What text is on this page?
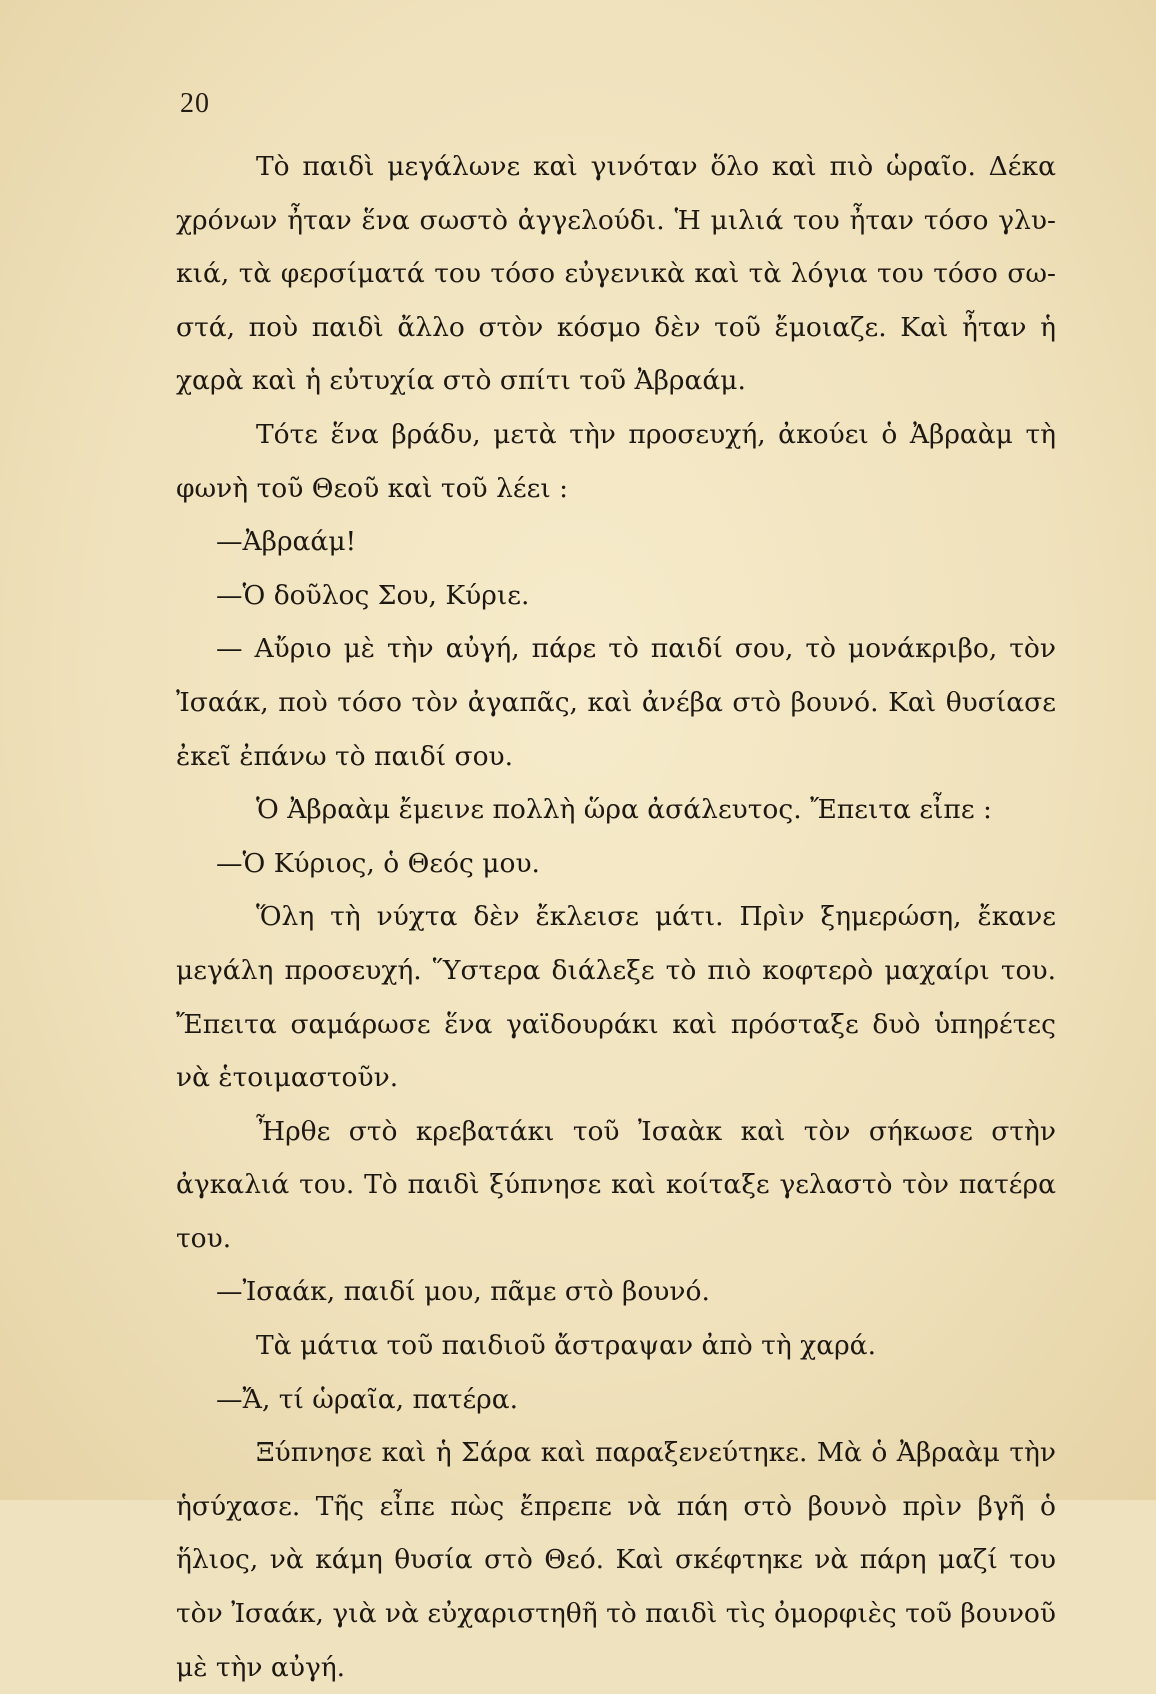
20

Τὸ παιδὶ μεγάλωνε καὶ γινόταν ὅλο καὶ πιὸ ὡραῖο. Δέκα χρόνων ἦταν ἕνα σωστὸ ἀγγελούδι. Ἡ μιλιά του ἦταν τόσο γλυκιά, τὰ φερσίματά του τόσο εὐγενικὰ καὶ τὰ λόγια του τόσο σωστά, ποὺ παιδὶ ἄλλο στὸν κόσμο δὲν τοῦ ἔμοιαζε. Καὶ ἦταν ἡ χαρὰ καὶ ἡ εὐτυχία στὸ σπίτι τοῦ Ἀβραάμ.

Τότε ἕνα βράδυ, μετὰ τὴν προσευχή, ἀκούει ὁ Ἀβραὰμ τὴ φωνὴ τοῦ Θεοῦ καὶ τοῦ λέει :

—Ἀβραάμ!

—Ὁ δοῦλος Σου, Κύριε.

— Αὔριο μὲ τὴν αὐγή, πάρε τὸ παιδί σου, τὸ μονάκριβο, τὸν Ἰσαάκ, ποὺ τόσο τὸν ἀγαπᾶς, καὶ ἀνέβα στὸ βουνό. Καὶ θυσίασε ἐκεῖ ἐπάνω τὸ παιδί σου.

Ὁ Ἀβραὰμ ἔμεινε πολλὴ ὥρα ἀσάλευτος. Ἔπειτα εἶπε :

—Ὁ Κύριος, ὁ Θεός μου.

Ὅλη τὴ νύχτα δὲν ἔκλεισε μάτι. Πρὶν ξημερώση, ἔκανε μεγάλη προσευχή. Ὕστερα διάλεξε τὸ πιὸ κοφτερὸ μαχαίρι του. Ἔπειτα σαμάρωσε ἕνα γαϊδουράκι καὶ πρόσταξε δυὸ ὑπηρέτες νὰ ἑτοιμαστοῦν.

Ἦρθε στὸ κρεβατάκι τοῦ Ἰσαὰκ καὶ τὸν σήκωσε στὴν ἀγκαλιά του. Τὸ παιδὶ ξύπνησε καὶ κοίταξε γελαστὸ τὸν πατέρα του.

—Ἰσαάκ, παιδί μου, πᾶμε στὸ βουνό.

Τὰ μάτια τοῦ παιδιοῦ ἄστραψαν ἀπὸ τὴ χαρά.

—Ἄ, τί ὡραῖα, πατέρα.

Ξύπνησε καὶ ἡ Σάρα καὶ παραξενεύτηκε. Μὰ ὁ Ἀβραὰμ τὴν ἡσύχασε. Τῆς εἶπε πὼς ἔπρεπε νὰ πάη στὸ βουνὸ πρὶν βγῆ ὁ ἥλιος, νὰ κάμη θυσία στὸ Θεό. Καὶ σκέφτηκε νὰ πάρη μαζί του τὸν Ἰσαάκ, γιὰ νὰ εὐχαριστηθῆ τὸ παιδὶ τὶς ὀμορφιὲς τοῦ βουνοῦ μὲ τὴν αὐγή.
